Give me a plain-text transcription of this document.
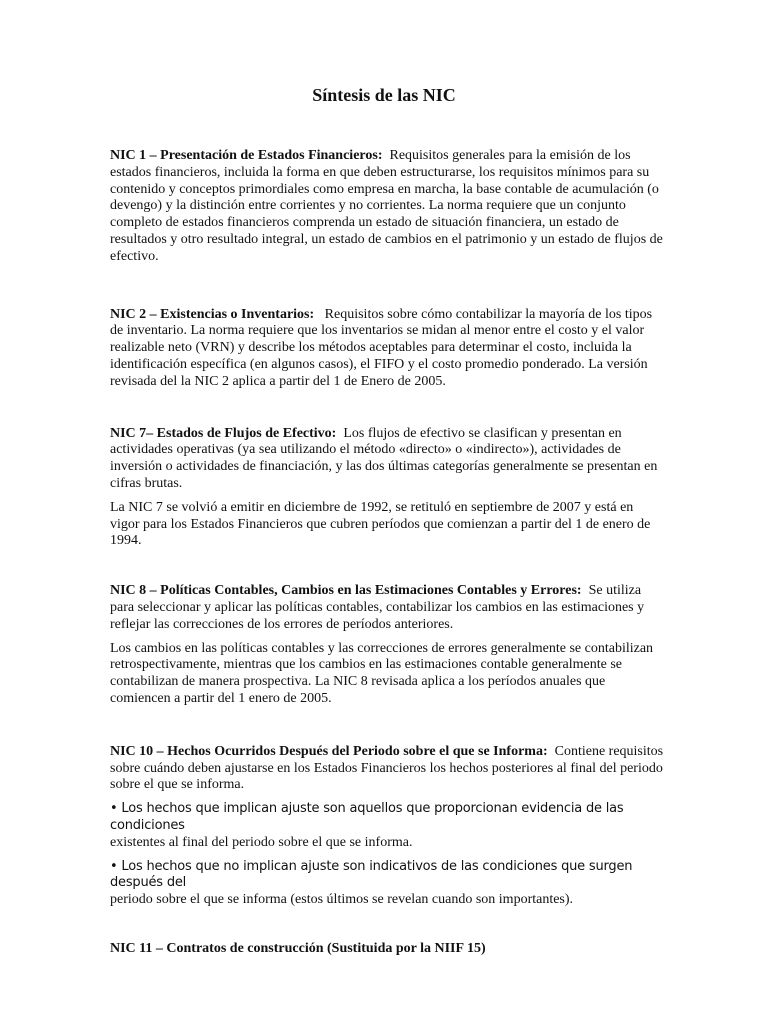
Síntesis de las NIC

NIC 1 – Presentación de Estados Financieros: Requisitos generales para la emisión de los estados financieros, incluida la forma en que deben estructurarse, los requisitos mínimos para su contenido y conceptos primordiales como empresa en marcha, la base contable de acumulación (o devengo) y la distinción entre corrientes y no corrientes. La norma requiere que un conjunto completo de estados financieros comprenda un estado de situación financiera, un estado de resultados y otro resultado integral, un estado de cambios en el patrimonio y un estado de flujos de efectivo.

NIC 2 – Existencias o Inventarios: Requisitos sobre cómo contabilizar la mayoría de los tipos de inventario. La norma requiere que los inventarios se midan al menor entre el costo y el valor realizable neto (VRN) y describe los métodos aceptables para determinar el costo, incluida la identificación específica (en algunos casos), el FIFO y el costo promedio ponderado. La versión revisada del la NIC 2 aplica a partir del 1 de Enero de 2005.

NIC 7– Estados de Flujos de Efectivo: Los flujos de efectivo se clasifican y presentan en actividades operativas (ya sea utilizando el método «directo» o «indirecto»), actividades de inversión o actividades de financiación, y las dos últimas categorías generalmente se presentan en cifras brutas.

La NIC 7 se volvió a emitir en diciembre de 1992, se retituló en septiembre de 2007 y está en vigor para los Estados Financieros que cubren períodos que comienzan a partir del 1 de enero de 1994.

NIC 8 – Políticas Contables, Cambios en las Estimaciones Contables y Errores: Se utiliza para seleccionar y aplicar las políticas contables, contabilizar los cambios en las estimaciones y reflejar las correcciones de los errores de períodos anteriores.

Los cambios en las políticas contables y las correcciones de errores generalmente se contabilizan retrospectivamente, mientras que los cambios en las estimaciones contable generalmente se contabilizan de manera prospectiva. La NIC 8 revisada aplica a los períodos anuales que comiencen a partir del 1 enero de 2005.

NIC 10 – Hechos Ocurridos Después del Periodo sobre el que se Informa: Contiene requisitos sobre cuándo deben ajustarse en los Estados Financieros los hechos posteriores al final del periodo sobre el que se informa.

• Los hechos que implican ajuste son aquellos que proporcionan evidencia de las condiciones
existentes al final del periodo sobre el que se informa.

• Los hechos que no implican ajuste son indicativos de las condiciones que surgen después del
periodo sobre el que se informa (estos últimos se revelan cuando son importantes).

NIC 11 – Contratos de construcción (Sustituida por la NIIF 15)
